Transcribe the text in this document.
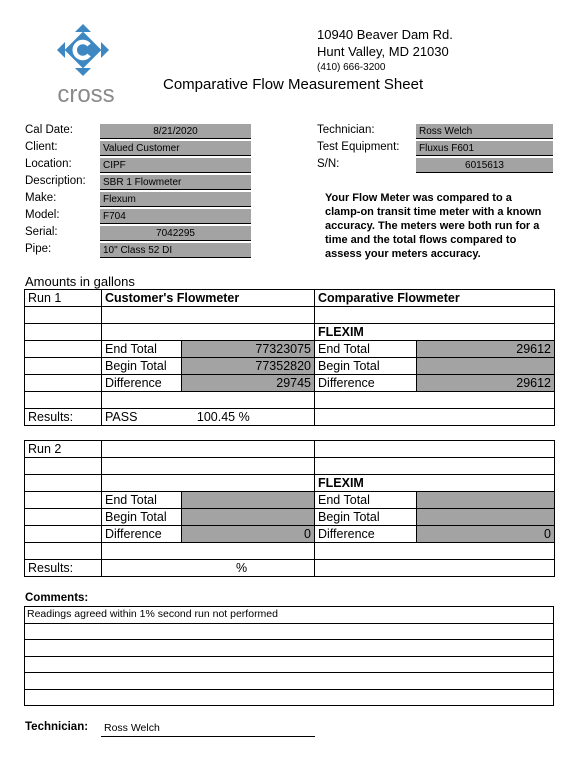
cross
10940 Beaver Dam Rd.
Hunt Valley, MD 21030
(410) 666-3200
Comparative Flow Measurement Sheet
Cal Date:	8/21/2020
Client:	Valued Customer
Location:	CIPF
Description:	SBR 1 Flowmeter
Make:	Flexum
Model:	F704
Serial:	7042295
Pipe:	10" Class 52 DI
Technician:	Ross Welch
Test Equipment:	Fluxus F601
S/N:	6015613
Your Flow Meter was compared to a clamp-on transit time meter with a known accuracy. The meters were both run for a time and the total flows compared to assess your meters accuracy.
Amounts in gallons
Run 1	Customer's Flowmeter		Comparative Flowmeter	

			FLEXIM	
	End Total	77323075	End Total	29612
	Begin Total	77352820	Begin Total	
	Difference	29745	Difference	29612

Results:	PASS 100.45 %			
Run 2				

			FLEXIM	
	End Total		End Total	
	Begin Total		Begin Total	
	Difference	0	Difference	0

Results:	%			
Comments:
Readings agreed within 1% second run not performed

Technician: Ross Welch
